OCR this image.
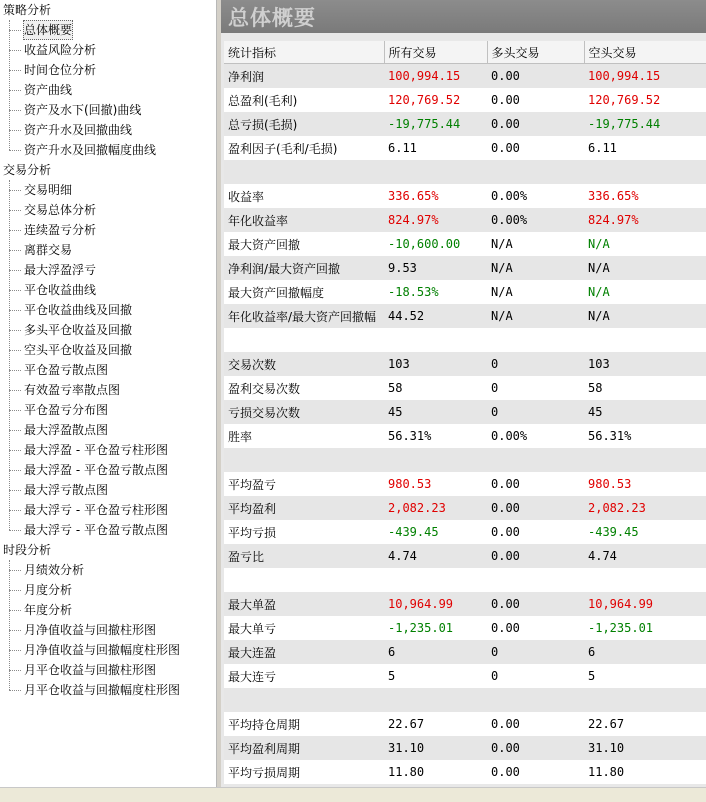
策略分析
总体概要
收益风险分析
时间仓位分析
资产曲线
资产及水下(回撤)曲线
资产升水及回撤曲线
资产升水及回撤幅度曲线
交易分析
交易明细
交易总体分析
连续盈亏分析
离群交易
最大浮盈浮亏
平仓收益曲线
平仓收益曲线及回撤
多头平仓收益及回撤
空头平仓收益及回撤
平仓盈亏散点图
有效盈亏率散点图
平仓盈亏分布图
最大浮盈散点图
最大浮盈 - 平仓盈亏柱形图
最大浮盈 - 平仓盈亏散点图
最大浮亏散点图
最大浮亏 - 平仓盈亏柱形图
最大浮亏 - 平仓盈亏散点图
时段分析
月绩效分析
月度分析
年度分析
月净值收益与回撤柱形图
月净值收益与回撤幅度柱形图
月平仓收益与回撤柱形图
月平仓收益与回撤幅度柱形图
总体概要
统计指标	所有交易	多头交易	空头交易
净利润	100,994.15	0.00	100,994.15
总盈利(毛利)	120,769.52	0.00	120,769.52
总亏损(毛损)	-19,775.44	0.00	-19,775.44
盈利因子(毛利/毛损)	6.11	0.00	6.11

收益率	336.65%	0.00%	336.65%
年化收益率	824.97%	0.00%	824.97%
最大资产回撤	-10,600.00	N/A	N/A
净利润/最大资产回撤	9.53	N/A	N/A
最大资产回撤幅度	-18.53%	N/A	N/A
年化收益率/最大资产回撤幅	44.52	N/A	N/A

交易次数	103	0	103
盈利交易次数	58	0	58
亏损交易次数	45	0	45
胜率	56.31%	0.00%	56.31%

平均盈亏	980.53	0.00	980.53
平均盈利	2,082.23	0.00	2,082.23
平均亏损	-439.45	0.00	-439.45
盈亏比	4.74	0.00	4.74

最大单盈	10,964.99	0.00	10,964.99
最大单亏	-1,235.01	0.00	-1,235.01
最大连盈	6	0	6
最大连亏	5	0	5

平均持仓周期	22.67	0.00	22.67
平均盈利周期	31.10	0.00	31.10
平均亏损周期	11.80	0.00	11.80
